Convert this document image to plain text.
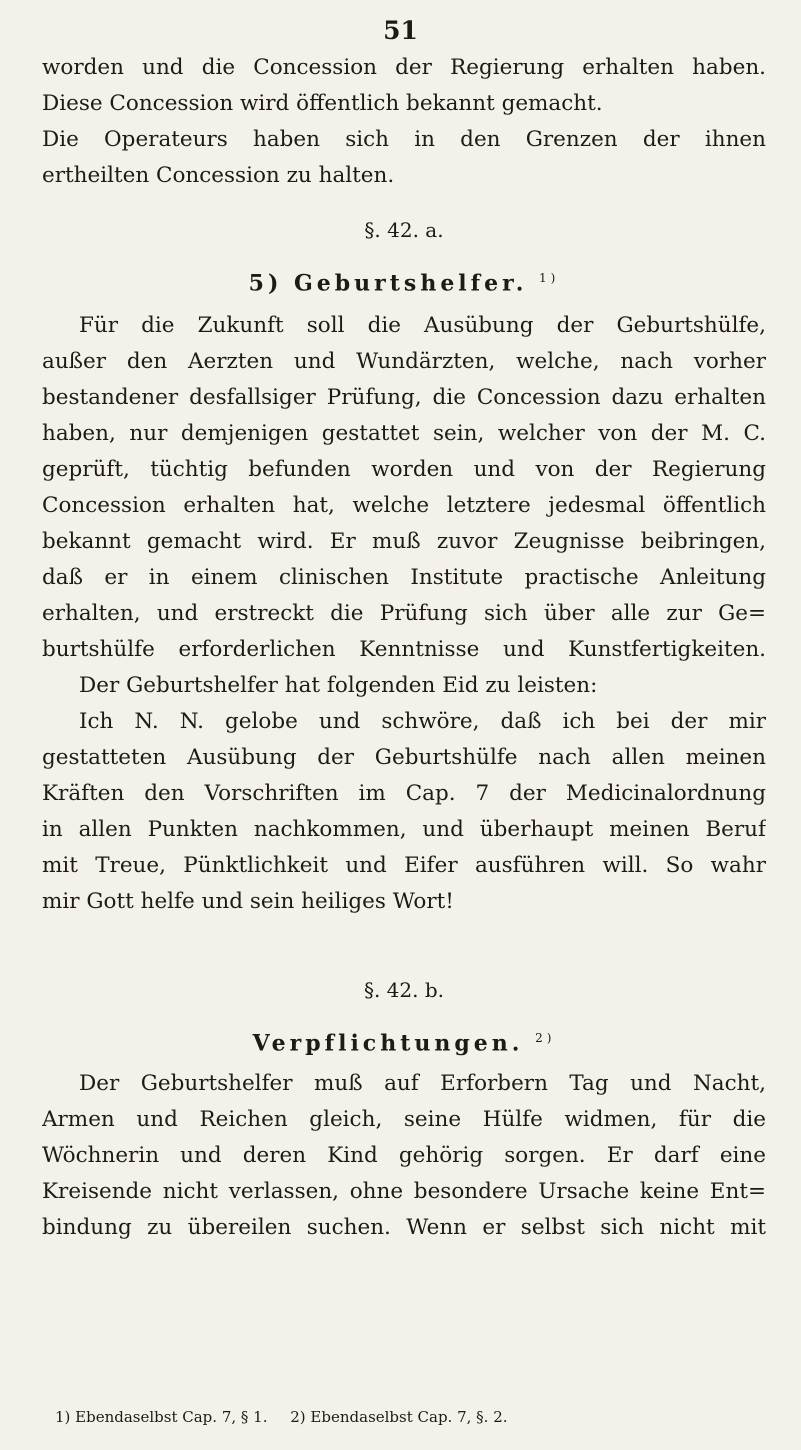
51
worden und die Concession der Regierung erhalten haben.
Diese Concession wird öffentlich bekannt gemacht.
Die Operateurs haben sich in den Grenzen der ihnen
ertheilten Concession zu halten.
§. 42. a.
5) Geburtshelfer. $^{1)}$
Für die Zukunft soll die Ausübung der Geburtshülfe,
außer den Aerzten und Wundärzten, welche, nach vorher
bestandener desfallsiger Prüfung, die Concession dazu erhalten
haben, nur demjenigen gestattet sein, welcher von der M. C.
geprüft, tüchtig befunden worden und von der Regierung
Concession erhalten hat, welche letztere jedesmal öffentlich
bekannt gemacht wird. Er muß zuvor Zeugnisse beibringen,
daß er in einem clinischen Institute practische Anleitung
erhalten, und erstreckt die Prüfung sich über alle zur Ge=
burtshülfe erforderlichen Kenntnisse und Kunstfertigkeiten.
Der Geburtshelfer hat folgenden Eid zu leisten:
Ich N. N. gelobe und schwöre, daß ich bei der mir
gestatteten Ausübung der Geburtshülfe nach allen meinen
Kräften den Vorschriften im Cap. 7 der Medicinalordnung
in allen Punkten nachkommen, und überhaupt meinen Beruf
mit Treue, Pünktlichkeit und Eifer ausführen will. So wahr
mir Gott helfe und sein heiliges Wort!
§. 42. b.
Verpflichtungen. $^{2)}$
Der Geburtshelfer muß auf Erforbern Tag und Nacht,
Armen und Reichen gleich, seine Hülfe widmen, für die
Wöchnerin und deren Kind gehörig sorgen. Er darf eine
Kreisende nicht verlassen, ohne besondere Ursache keine Ent=
bindung zu übereilen suchen. Wenn er selbst sich nicht mit
1) Ebendaselbst Cap. 7, § 1. 2) Ebendaselbst Cap. 7, §. 2.
